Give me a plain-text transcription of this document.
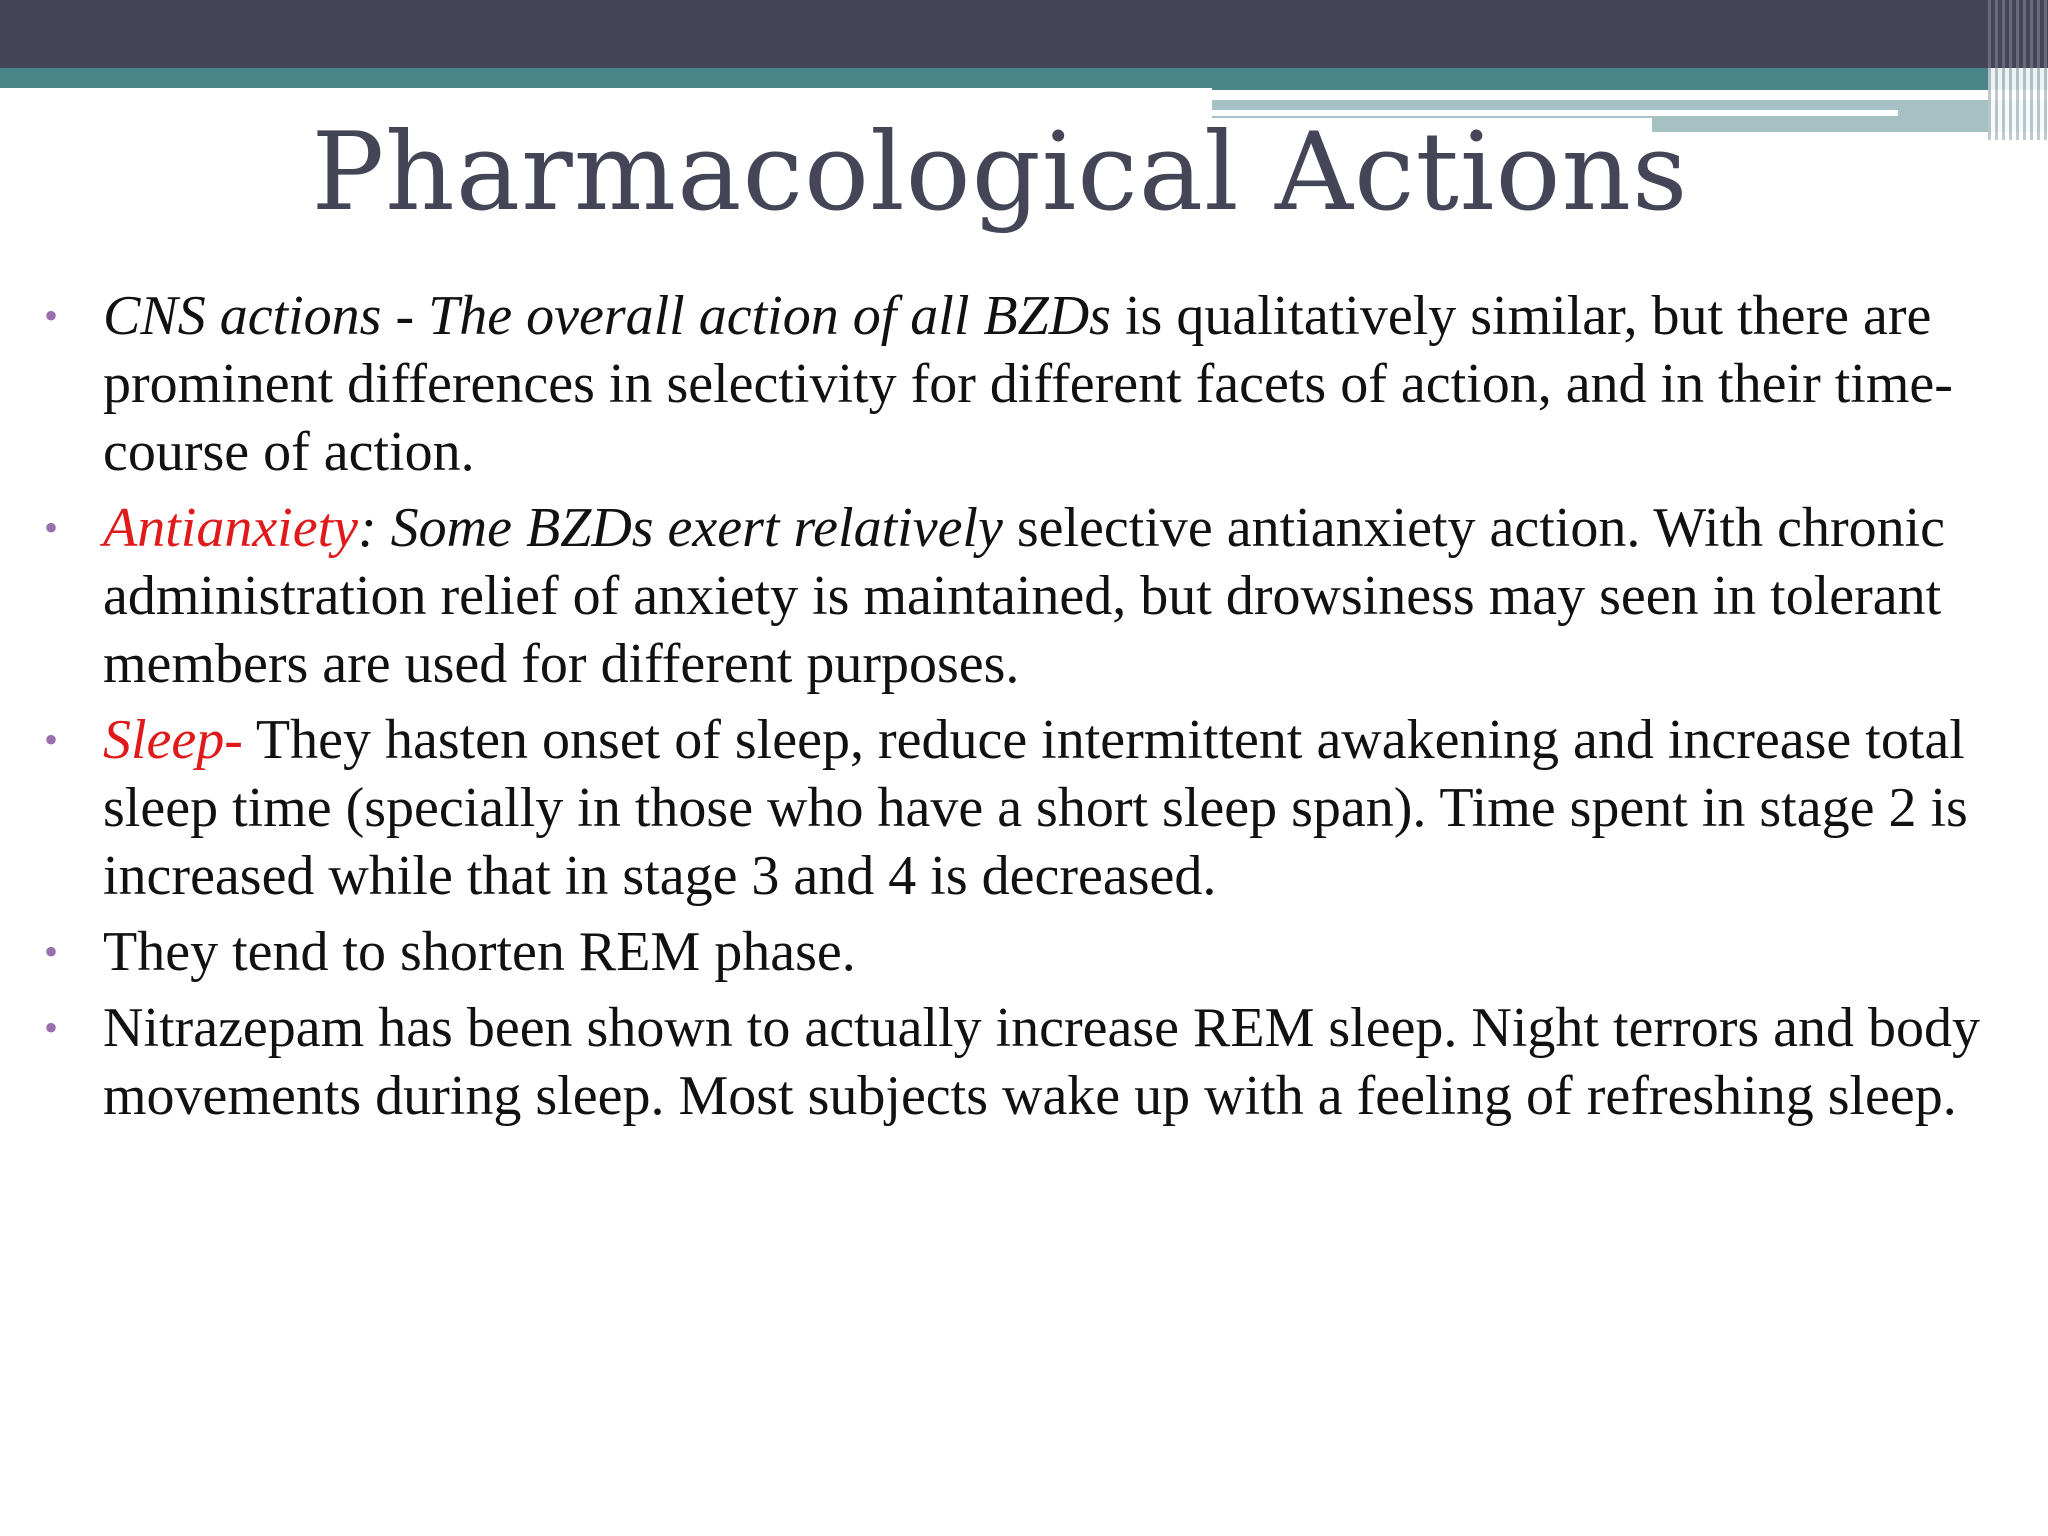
Pharmacological Actions
• CNS actions - The overall action of all BZDs is qualitatively similar, but there are prominent differences in selectivity for different facets of action, and in their time-course of action.
• Antianxiety: Some BZDs exert relatively selective antianxiety action. With chronic administration relief of anxiety is maintained, but drowsiness may seen in tolerant members are used for different purposes.
• Sleep- They hasten onset of sleep, reduce intermittent awakening and increase total sleep time (specially in those who have a short sleep span). Time spent in stage 2 is increased while that in stage 3 and 4 is decreased.
• They tend to shorten REM phase.
• Nitrazepam has been shown to actually increase REM sleep. Night terrors and body movements during sleep. Most subjects wake up with a feeling of refreshing sleep.
